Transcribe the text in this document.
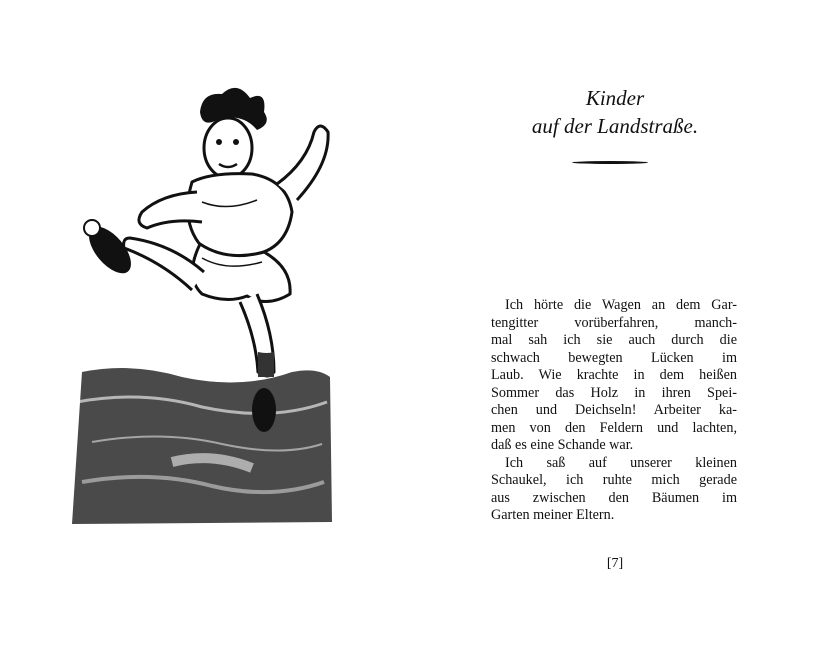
Kinder
auf der Landstraße.
Ich hörte die Wagen an dem Gar-
tengitter vorüberfahren, manch-
mal sah ich sie auch durch die
schwach bewegten Lücken im
Laub. Wie krachte in dem heißen
Sommer das Holz in ihren Spei-
chen und Deichseln! Arbeiter ka-
men von den Feldern und lachten,
daß es eine Schande war.
Ich saß auf unserer kleinen
Schaukel, ich ruhte mich gerade
aus zwischen den Bäumen im
Garten meiner Eltern.
[7]
